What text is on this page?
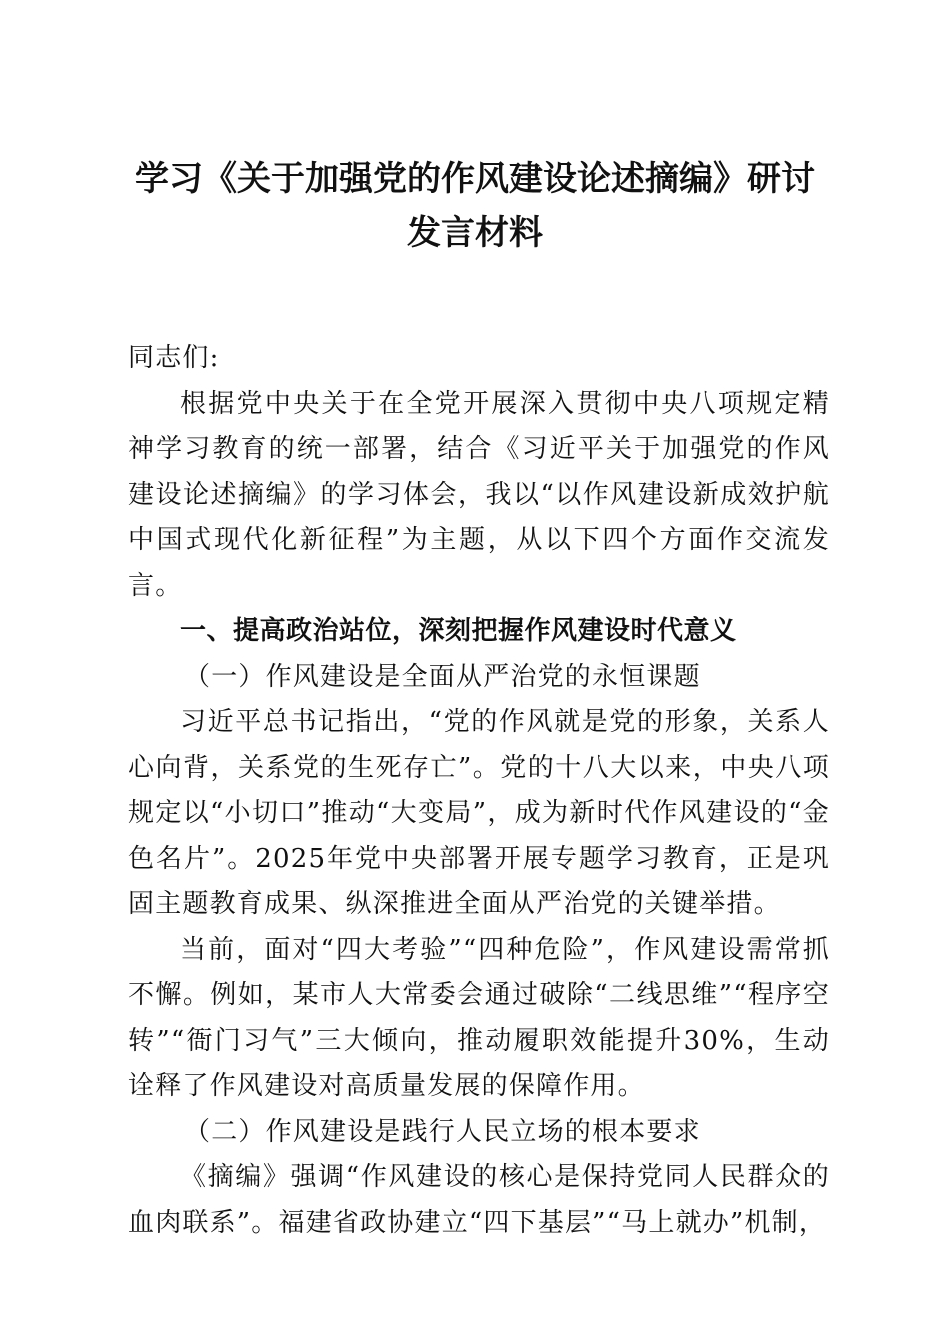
学习《关于加强党的作风建设论述摘编》研讨发言材料

同志们:

根据党中央关于在全党开展深入贯彻中央八项规定精神学习教育的统一部署，结合《习近平关于加强党的作风建设论述摘编》的学习体会，我以“以作风建设新成效护航中国式现代化新征程”为主题，从以下四个方面作交流发言。

一、提高政治站位，深刻把握作风建设时代意义

（一）作风建设是全面从严治党的永恒课题

习近平总书记指出，“党的作风就是党的形象，关系人心向背，关系党的生死存亡”。党的十八大以来，中央八项规定以“小切口”推动“大变局”，成为新时代作风建设的“金色名片”。2025年党中央部署开展专题学习教育，正是巩固主题教育成果、纵深推进全面从严治党的关键举措。

当前，面对“四大考验”“四种危险”，作风建设需常抓不懈。例如，某市人大常委会通过破除“二线思维”“程序空转”“衙门习气”三大倾向，推动履职效能提升30%，生动诠释了作风建设对高质量发展的保障作用。

（二）作风建设是践行人民立场的根本要求

《摘编》强调“作风建设的核心是保持党同人民群众的血肉联系”。福建省政协建立“四下基层”“马上就办”机制，
